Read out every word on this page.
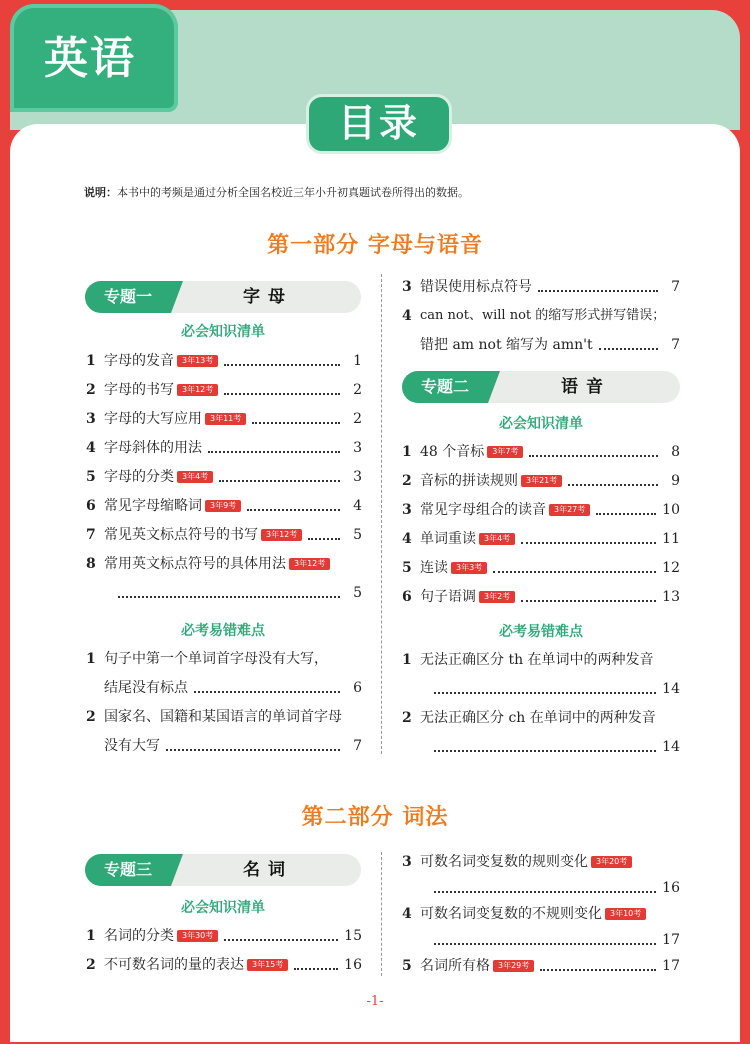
英语
目录
说明：本书中的考频是通过分析全国名校近三年小升初真题试卷所得出的数据。
第一部分 字母与语音
专题一	字母
必会知识清单
1 字母的发音	3年13考	1
2 字母的书写	3年12考	2
3 字母的大写应用	3年11考	2
4 字母斜体的用法	3
5 字母的分类	3年4考	3
6 常见字母缩略词	3年9考	4
7 常见英文标点符号的书写	3年12考	5
8 常用英文标点符号的具体用法	3年12考
5
必考易错难点
1 句子中第一个单词首字母没有大写，
结尾没有标点	6
2 国家名、国籍和某国语言的单词首字母
没有大写	7
3 错误使用标点符号	7
4 can not、will not 的缩写形式拼写错误；
错把 am not 缩写为 amn't	7
专题二	语音
必会知识清单
1 48 个音标	3年7考	8
2 音标的拼读规则	3年21考	9
3 常见字母组合的读音	3年27考	10
4 单词重读	3年4考	11
5 连读	3年3考	12
6 句子语调	3年2考	13
必考易错难点
1 无法正确区分 th 在单词中的两种发音
14
2 无法正确区分 ch 在单词中的两种发音
14
第二部分 词法
专题三	名词
必会知识清单
1 名词的分类	3年30考	15
2 不可数名词的量的表达	3年15考	16
3 可数名词变复数的规则变化	3年20考
16
4 可数名词变复数的不规则变化	3年10考
17
5 名词所有格	3年29考	17
-1-
